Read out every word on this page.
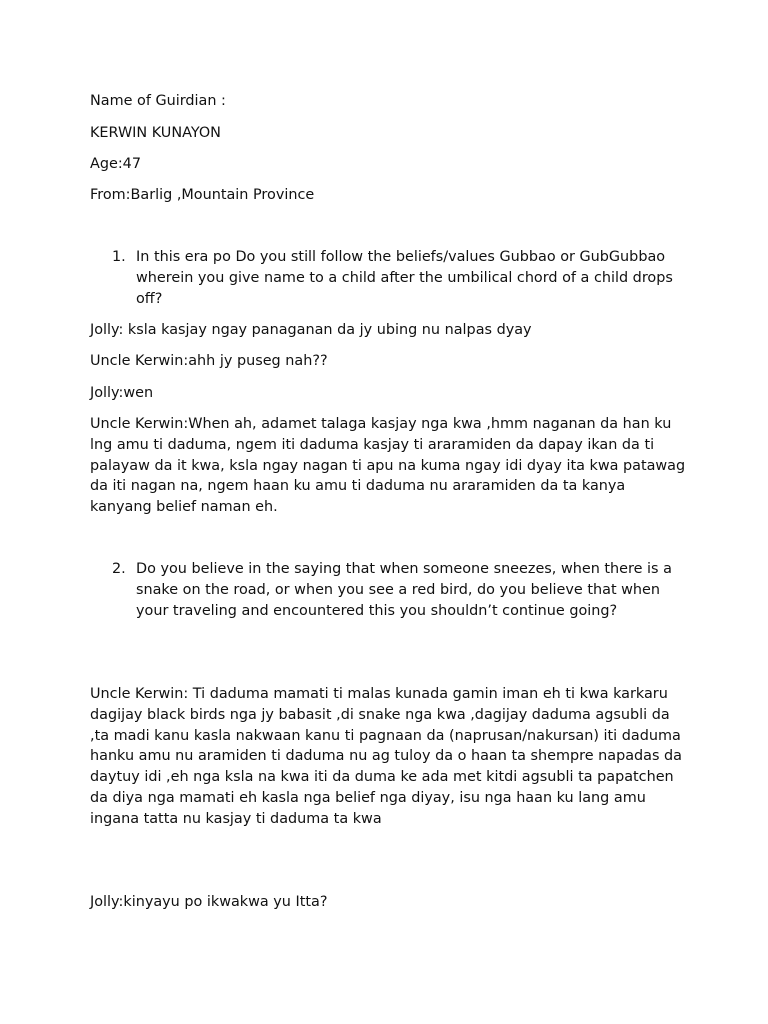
Name of Guirdian :
KERWIN KUNAYON
Age:47
From:Barlig ,Mountain Province
1. In this era po Do you still follow the beliefs/values Gubbao or GubGubbao wherein you give name to a child after the umbilical chord of a child drops off?
Jolly: ksla kasjay ngay panaganan da jy ubing nu nalpas dyay
Uncle Kerwin:ahh jy puseg nah??
Jolly:wen
Uncle Kerwin:When ah, adamet talaga kasjay nga kwa ,hmm naganan da han ku lng amu ti daduma, ngem iti daduma kasjay ti araramiden da dapay ikan da ti palayaw da it kwa, ksla ngay nagan ti apu na kuma ngay idi dyay ita kwa patawag da iti nagan na, ngem haan ku amu ti daduma nu araramiden da ta kanya kanyang belief naman eh.
2. Do you believe in the saying that when someone sneezes, when there is a snake on the road, or when you see a red bird, do you believe that when your traveling and encountered this you shouldn’t continue going?
Uncle Kerwin: Ti daduma mamati ti malas kunada gamin iman eh ti kwa karkaru dagijay black birds nga jy babasit ,di snake nga kwa ,dagijay daduma agsubli da ,ta madi kanu kasla nakwaan kanu ti pagnaan da (naprusan/nakursan) iti daduma hanku amu nu aramiden ti daduma nu ag tuloy da o haan ta shempre napadas da daytuy idi ,eh nga ksla na kwa iti da duma ke ada met kitdi agsubli ta papatchen da diya nga mamati eh kasla nga belief nga diyay, isu nga haan ku lang amu ingana tatta nu kasjay ti daduma ta kwa
Jolly:kinyayu po ikwakwa yu Itta?
